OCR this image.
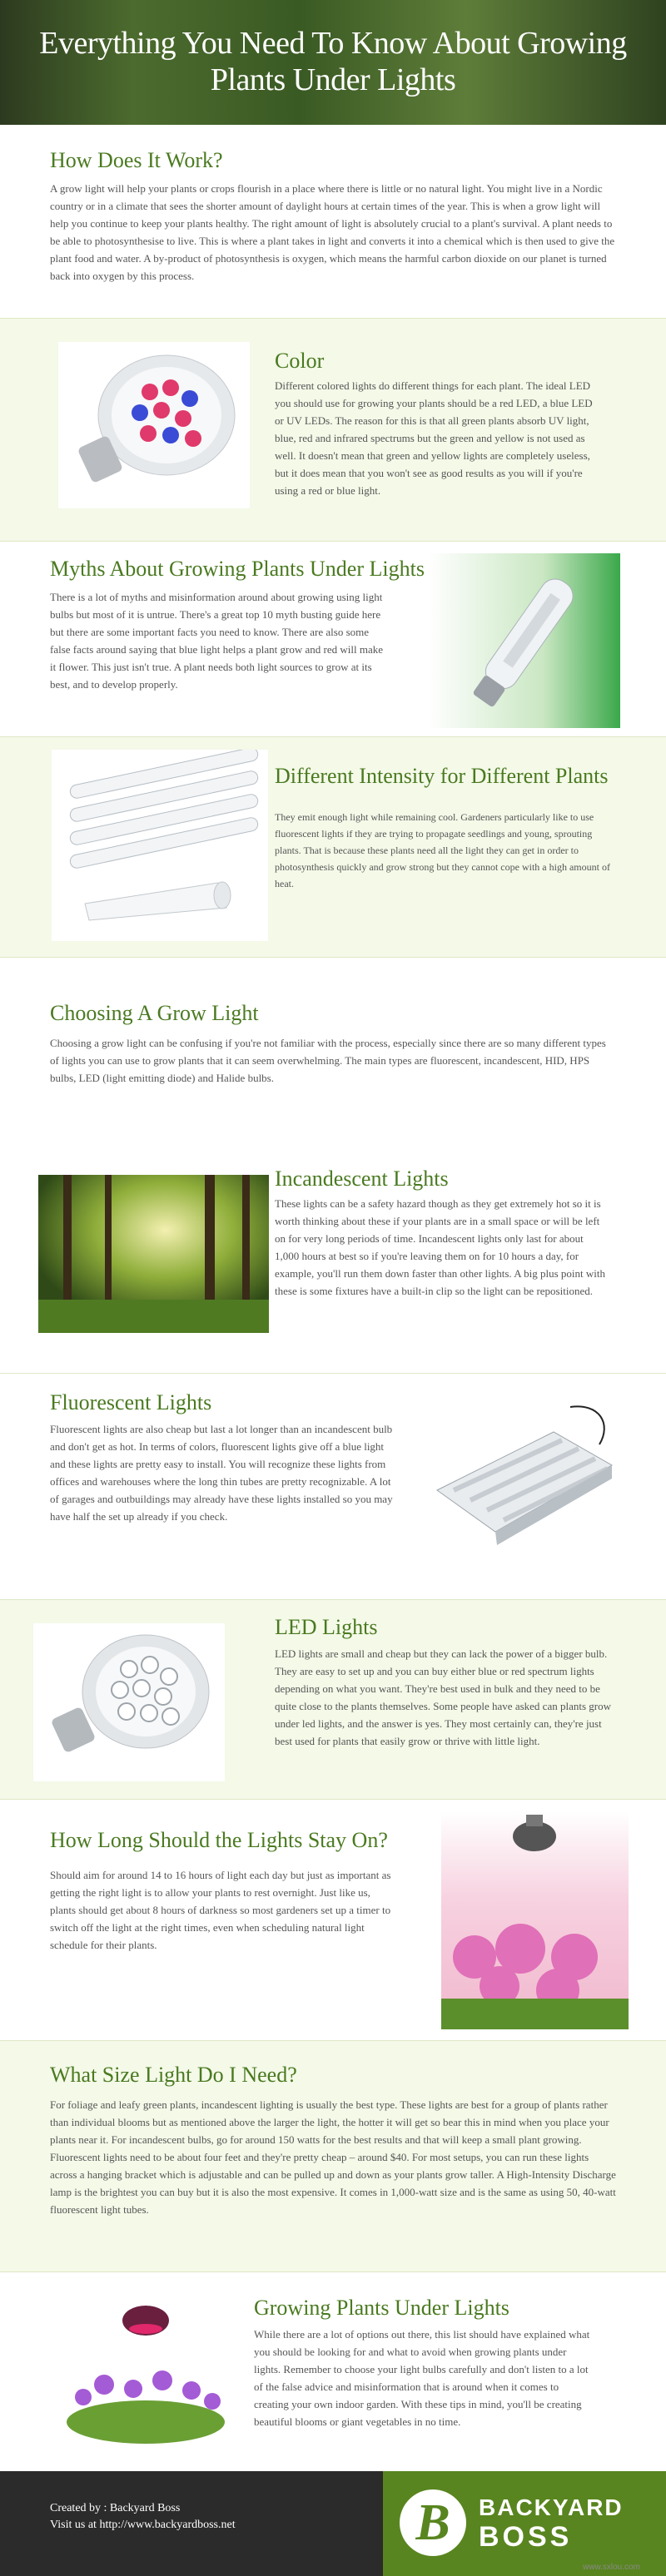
Everything You Need To Know About Growing Plants Under Lights
How Does It Work?

A grow light will help your plants or crops flourish in a place where there is little or no natural light. You might live in a Nordic country or in a climate that sees the shorter amount of daylight hours at certain times of the year. This is when a grow light will help you continue to keep your plants healthy. The right amount of light is absolutely crucial to a plant's survival. A plant needs to be able to photosynthesise to live. This is where a plant takes in light and converts it into a chemical which is then used to give the plant food and water. A by-product of photosynthesis is oxygen, which means the harmful carbon dioxide on our planet is turned back into oxygen by this process.

Color

Different colored lights do different things for each plant. The ideal LED you should use for growing your plants should be a red LED, a blue LED or UV LEDs. The reason for this is that all green plants absorb UV light, blue, red and infrared spectrums but the green and yellow is not used as well. It doesn't mean that green and yellow lights are completely useless, but it does mean that you won't see as good results as you will if you're using a red or blue light.

Myths About Growing Plants Under Lights

There is a lot of myths and misinformation around about growing using light bulbs but most of it is untrue. There's a great top 10 myth busting guide here but there are some important facts you need to know. There are also some false facts around saying that blue light helps a plant grow and red will make it flower. This just isn't true. A plant needs both light sources to grow at its best, and to develop properly.

Different Intensity for Different Plants

They emit enough light while remaining cool. Gardeners particularly like to use fluorescent lights if they are trying to propagate seedlings and young, sprouting plants. That is because these plants need all the light they can get in order to photosynthesis quickly and grow strong but they cannot cope with a high amount of heat.

Choosing A Grow Light

Choosing a grow light can be confusing if you're not familiar with the process, especially since there are so many different types of lights you can use to grow plants that it can seem overwhelming. The main types are fluorescent, incandescent, HID, HPS bulbs, LED (light emitting diode) and Halide bulbs.

Incandescent Lights

These lights can be a safety hazard though as they get extremely hot so it is worth thinking about these if your plants are in a small space or will be left on for very long periods of time. Incandescent lights only last for about 1,000 hours at best so if you're leaving them on for 10 hours a day, for example, you'll run them down faster than other lights. A big plus point with these is some fixtures have a built-in clip so the light can be repositioned.

Fluorescent Lights

Fluorescent lights are also cheap but last a lot longer than an incandescent bulb and don't get as hot. In terms of colors, fluorescent lights give off a blue light and these lights are pretty easy to install. You will recognize these lights from offices and warehouses where the long thin tubes are pretty recognizable. A lot of garages and outbuildings may already have these lights installed so you may have half the set up already if you check.

LED Lights

LED lights are small and cheap but they can lack the power of a bigger bulb. They are easy to set up and you can buy either blue or red spectrum lights depending on what you want. They're best used in bulk and they need to be quite close to the plants themselves. Some people have asked can plants grow under led lights, and the answer is yes. They most certainly can, they're just best used for plants that easily grow or thrive with little light.

How Long Should the Lights Stay On?

Should aim for around 14 to 16 hours of light each day but just as important as getting the right light is to allow your plants to rest overnight. Just like us, plants should get about 8 hours of darkness so most gardeners set up a timer to switch off the light at the right times, even when scheduling natural light schedule for their plants.

What Size Light Do I Need?

For foliage and leafy green plants, incandescent lighting is usually the best type. These lights are best for a group of plants rather than individual blooms but as mentioned above the larger the light, the hotter it will get so bear this in mind when you place your plants near it. For incandescent bulbs, go for around 150 watts for the best results and that will keep a small plant growing. Fluorescent lights need to be about four feet and they're pretty cheap – around $40. For most setups, you can run these lights across a hanging bracket which is adjustable and can be pulled up and down as your plants grow taller. A High-Intensity Discharge lamp is the brightest you can buy but it is also the most expensive. It comes in 1,000-watt size and is the same as using 50, 40-watt fluorescent light tubes.

Growing Plants Under Lights

While there are a lot of options out there, this list should have explained what you should be looking for and what to avoid when growing plants under lights. Remember to choose your light bulbs carefully and don't listen to a lot of the false advice and misinformation that is around when it comes to creating your own indoor garden. With these tips in mind, you'll be creating beautiful blooms or giant vegetables in no time.

Created by : Backyard Boss
Visit us at http://www.backyardboss.net	B	BACKYARD
BOSS
www.sxlou.com
